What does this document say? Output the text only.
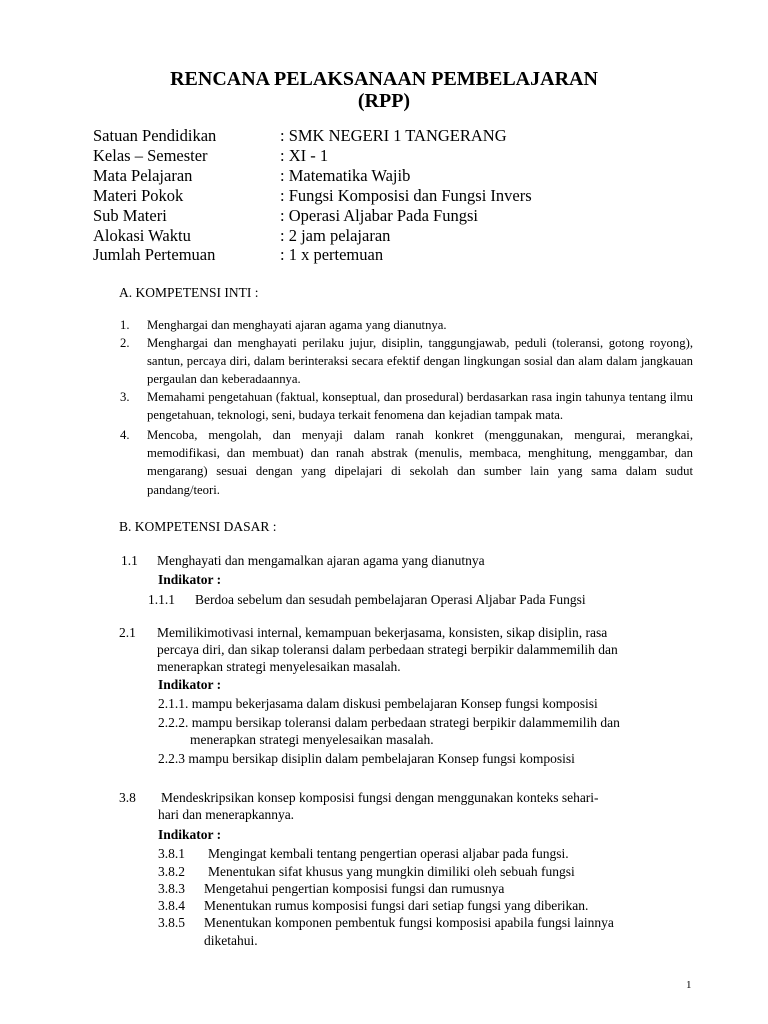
RENCANA PELAKSANAAN PEMBELAJARAN
(RPP)
Satuan Pendidikan	: SMK NEGERI 1 TANGERANG
Kelas – Semester	: XI - 1
Mata Pelajaran	: Matematika Wajib
Materi Pokok	: Fungsi Komposisi dan Fungsi Invers
Sub Materi	: Operasi Aljabar Pada Fungsi
Alokasi Waktu	: 2 jam pelajaran
Jumlah Pertemuan	: 1 x pertemuan
A. KOMPETENSI INTI :
1. Menghargai dan menghayati ajaran agama yang dianutnya.
2. Menghargai dan menghayati perilaku jujur, disiplin, tanggungjawab, peduli (toleransi, gotong royong), santun, percaya diri, dalam berinteraksi secara efektif dengan lingkungan sosial dan alam dalam jangkauan pergaulan dan keberadaannya.
3. Memahami pengetahuan (faktual, konseptual, dan prosedural) berdasarkan rasa ingin tahunya tentang ilmu pengetahuan, teknologi, seni, budaya terkait fenomena dan kejadian tampak mata.
4. Mencoba, mengolah, dan menyaji dalam ranah konkret (menggunakan, mengurai, merangkai, memodifikasi, dan membuat) dan ranah abstrak (menulis, membaca, menghitung, menggambar, dan mengarang) sesuai dengan yang dipelajari di sekolah dan sumber lain yang sama dalam sudut pandang/teori.
B. KOMPETENSI DASAR :
1.1 Menghayati dan mengamalkan ajaran agama yang dianutnya
Indikator :
1.1.1 Berdoa sebelum dan sesudah pembelajaran Operasi Aljabar Pada Fungsi
2.1 Memilikimotivasi internal, kemampuan bekerjasama, konsisten, sikap disiplin, rasa
percaya diri, dan sikap toleransi dalam perbedaan strategi berpikir dalammemilih dan
menerapkan strategi menyelesaikan masalah.
Indikator :
2.1.1. mampu bekerjasama dalam diskusi pembelajaran Konsep fungsi komposisi
2.2.2. mampu bersikap toleransi dalam perbedaan strategi berpikir dalammemilih dan
menerapkan strategi menyelesaikan masalah.
2.2.3 mampu bersikap disiplin dalam pembelajaran Konsep fungsi komposisi
3.8 Mendeskripsikan konsep komposisi fungsi dengan menggunakan konteks sehari-
hari dan menerapkannya.
Indikator :
3.8.1 Mengingat kembali tentang pengertian operasi aljabar pada fungsi.
3.8.2 Menentukan sifat khusus yang mungkin dimiliki oleh sebuah fungsi
3.8.3 Mengetahui pengertian komposisi fungsi dan rumusnya
3.8.4 Menentukan rumus komposisi fungsi dari setiap fungsi yang diberikan.
3.8.5 Menentukan komponen pembentuk fungsi komposisi apabila fungsi lainnya
diketahui.
1
